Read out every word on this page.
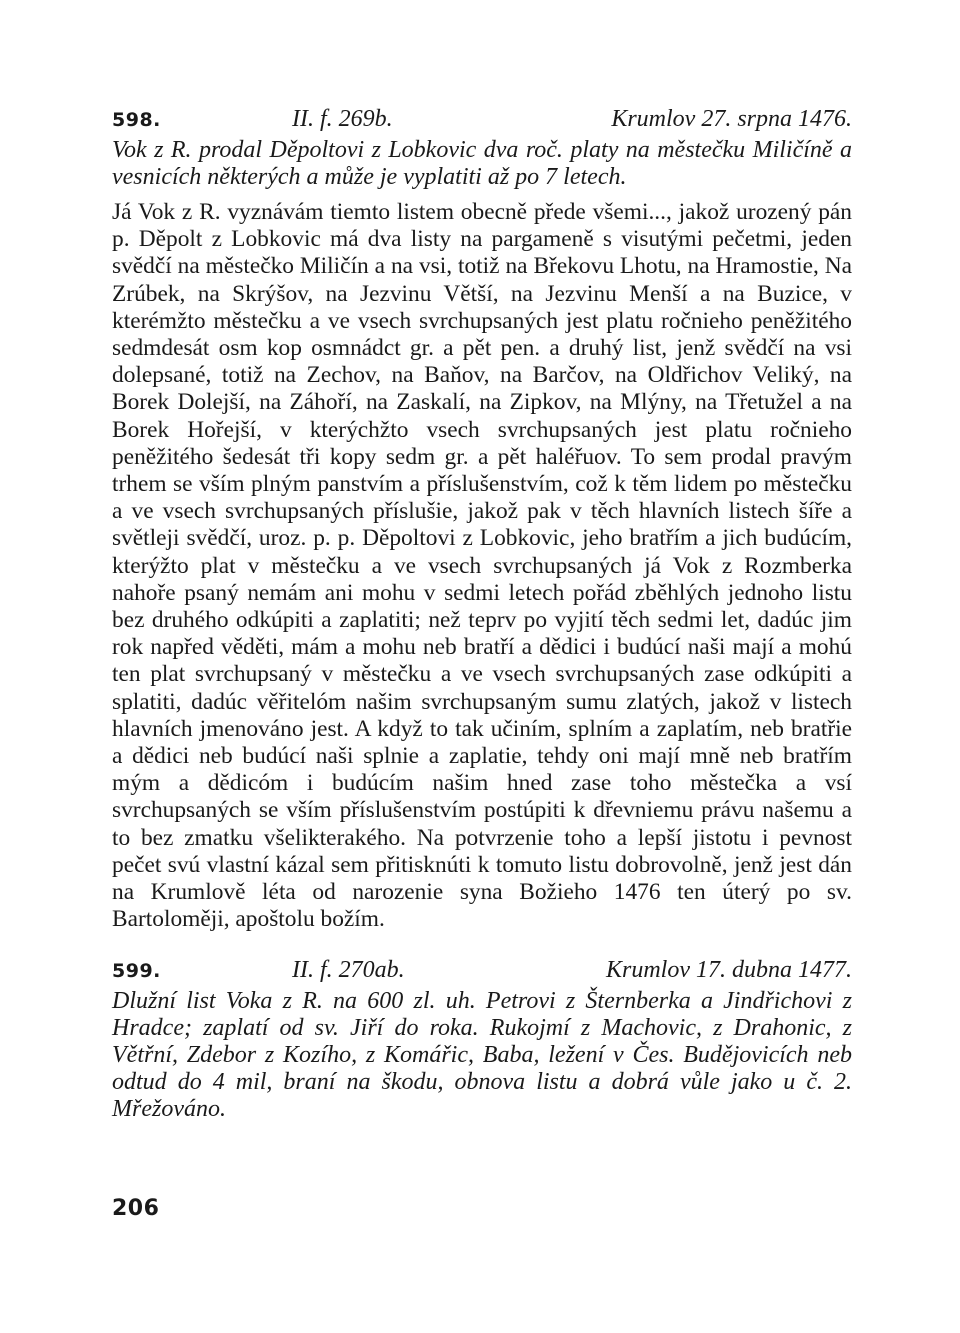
598.	II. f. 269b.	Krumlov 27. srpna 1476.

Vok z R. prodal Děpoltovi z Lobkovic dva roč. platy na městečku Miličíně a vesnicích některých a může je vyplatiti až po 7 letech.

Já Vok z R. vyznávám tiemto listem obecně přede všemi..., jakož urozený pán p. Děpolt z Lobkovic má dva listy na pargameně s visutými pečetmi, jeden svědčí na městečko Miličín a na vsi, totiž na Břekovu Lhotu, na Hramostie, Na Zrúbek, na Skrýšov, na Jezvinu Větší, na Jezvinu Menší a na Buzice, v kterémžto městečku a ve vsech svrchupsaných jest platu ročnieho peněžitého sedmdesát osm kop osmnádct gr. a pět pen. a druhý list, jenž svědčí na vsi dolepsané, totiž na Zechov, na Baňov, na Barčov, na Oldřichov Veliký, na Borek Dolejší, na Záhoří, na Zaskalí, na Zipkov, na Mlýny, na Třetužel a na Borek Hořejší, v kterýchžto vsech svrchupsaných jest platu ročnieho peněžitého šedesát tři kopy sedm gr. a pět haléřuov. To sem prodal pravým trhem se vším plným panstvím a příslušenstvím, což k těm lidem po městečku a ve vsech svrchupsaných příslušie, jakož pak v těch hlavních listech šíře a světleji svědčí, uroz. p. p. Děpoltovi z Lobkovic, jeho bratřím a jich budúcím, kterýžto plat v městečku a ve vsech svrchupsaných já Vok z Rozmberka nahoře psaný nemám ani mohu v sedmi letech pořád zběhlých jednoho listu bez druhého odkúpiti a zaplatiti; než teprv po vyjití těch sedmi let, dadúc jim rok napřed věděti, mám a mohu neb bratří a dědici i budúcí naši mají a mohú ten plat svrchupsaný v městečku a ve vsech svrchupsaných zase odkúpiti a splatiti, dadúc věřitelóm našim svrchupsaným sumu zlatých, jakož v listech hlavních jmenováno jest. A když to tak učiním, splním a zaplatím, neb bratřie a dědici neb budúcí naši splnie a zaplatie, tehdy oni mají mně neb bratřím mým a dědicóm i budúcím našim hned zase toho městečka a vsí svrchupsaných se vším příslušenstvím postúpiti k dřevniemu právu našemu a to bez zmatku všelikterakého. Na potvrzenie toho a lepší jistotu i pevnost pečet svú vlastní kázal sem přitisknúti k tomuto listu dobrovolně, jenž jest dán na Krumlově léta od narozenie syna Božieho 1476 ten úterý po sv. Bartoloměji, apoštolu božím.

599.	II. f. 270ab.	Krumlov 17. dubna 1477.

Dlužní list Voka z R. na 600 zl. uh. Petrovi z Šternberka a Jindřichovi z Hradce; zaplatí od sv. Jiří do roka. Rukojmí z Machovic, z Drahonic, z Větřní, Zdebor z Kozího, z Komářic, Baba, ležení v Čes. Budějovicích neb odtud do 4 mil, braní na škodu, obnova listu a dobrá vůle jako u č. 2. Mřežováno.

206
